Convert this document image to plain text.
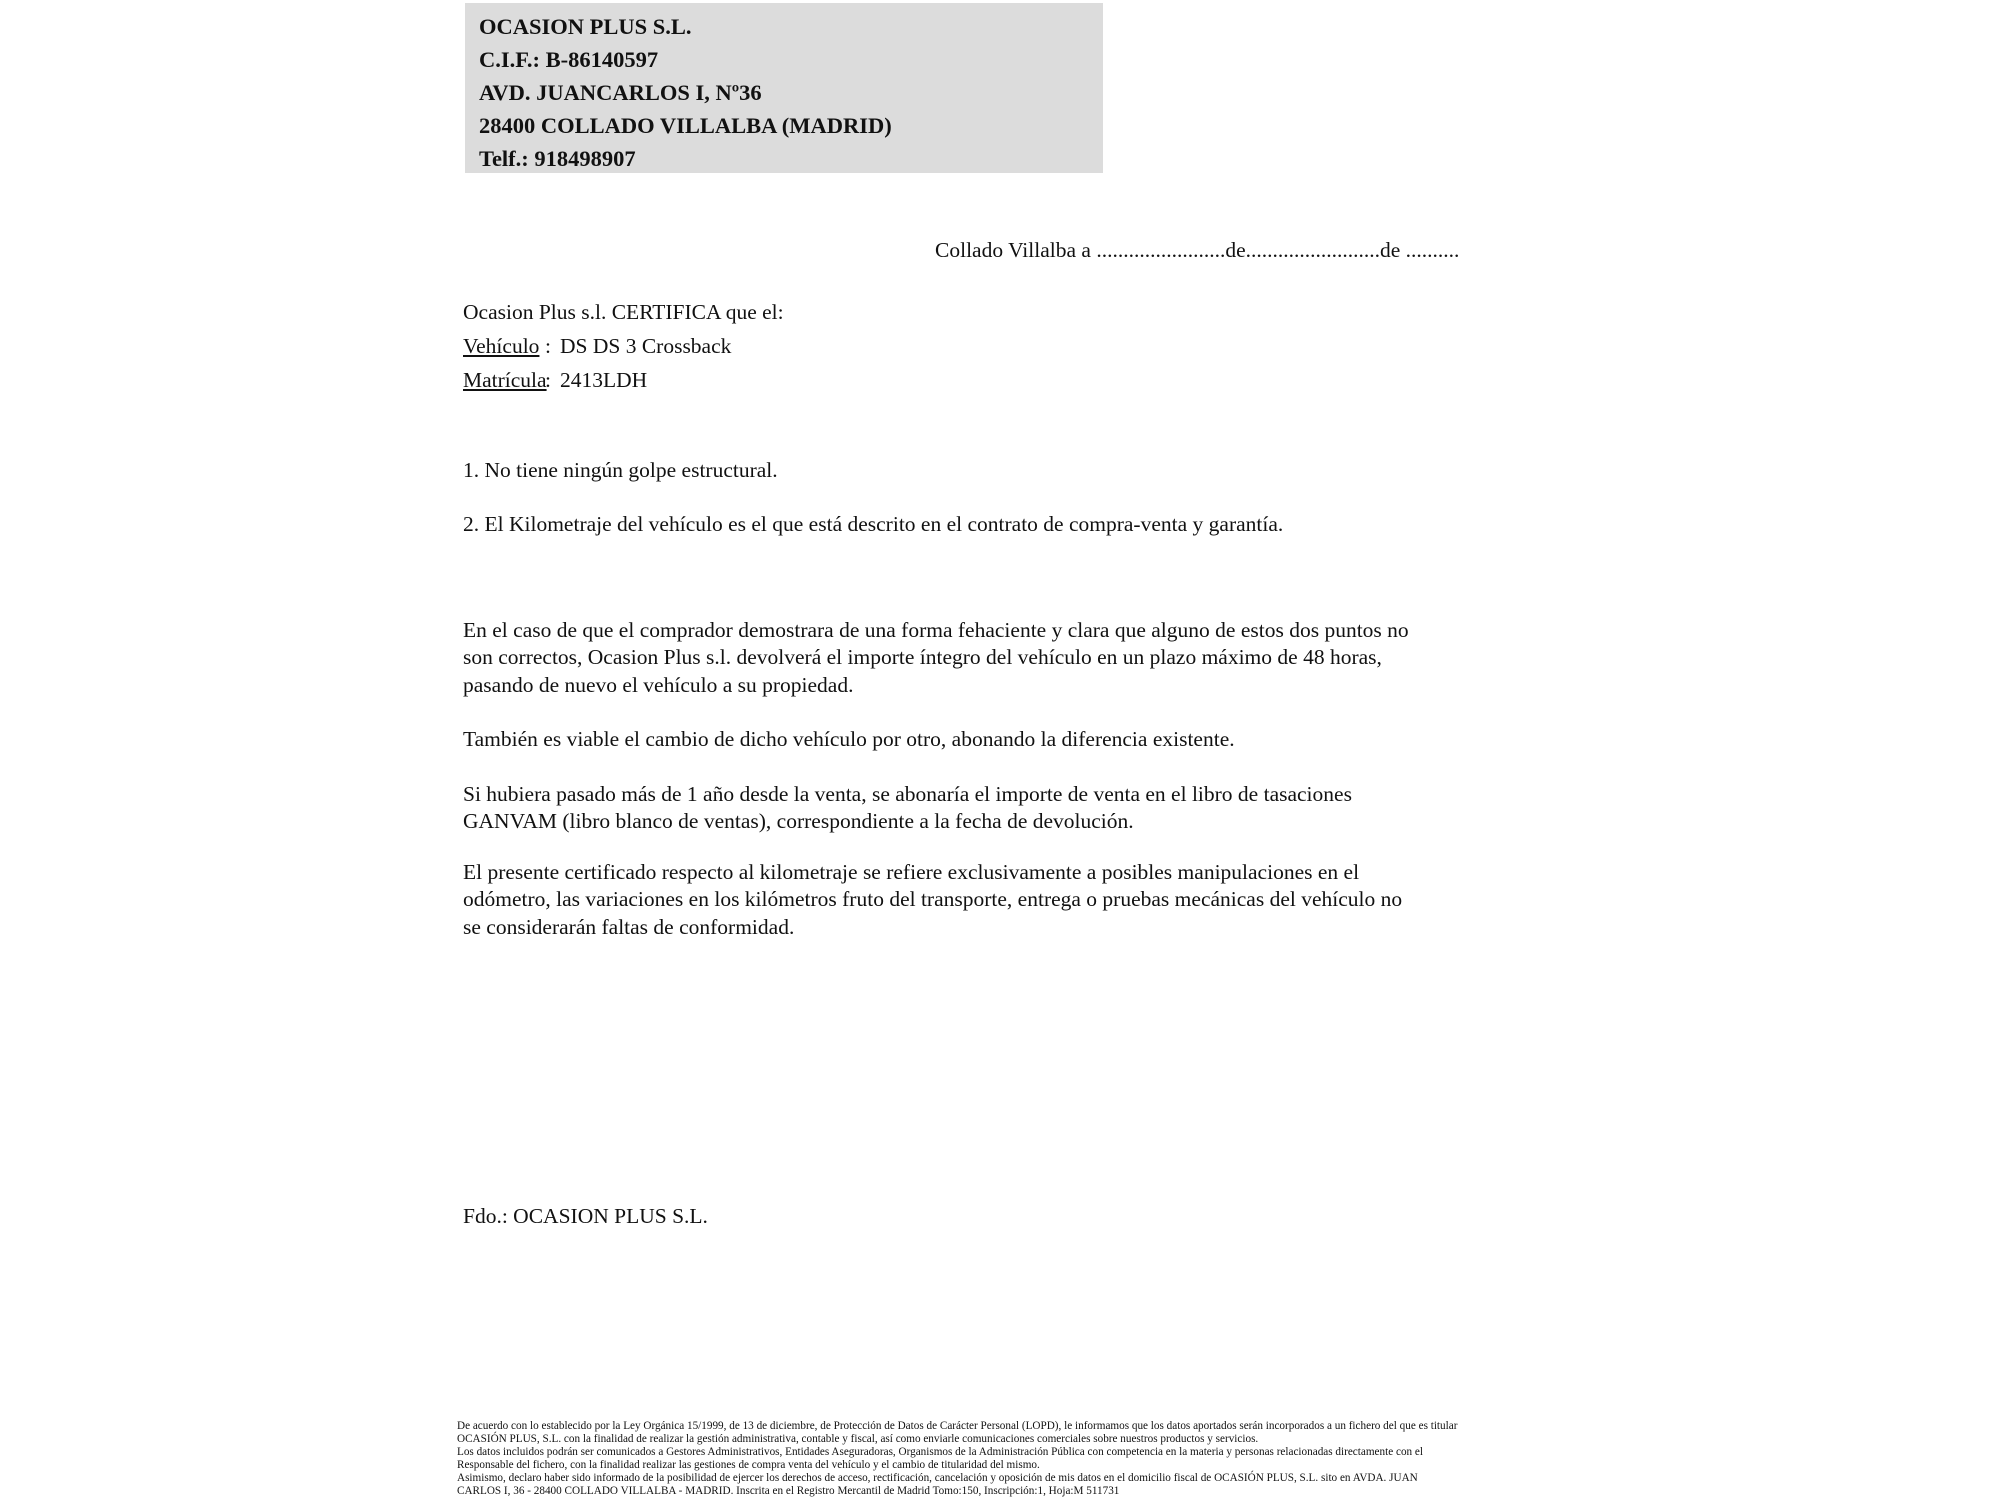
OCASION PLUS S.L.
C.I.F.: B-86140597
AVD. JUANCARLOS I, Nº36
28400 COLLADO VILLALBA (MADRID)
Telf.: 918498907
Collado Villalba a ........................de.........................de ..........
Ocasion Plus s.l. CERTIFICA que el:
Vehículo : DS DS 3 Crossback
Matrícula: 2413LDH
1. No tiene ningún golpe estructural.
2. El Kilometraje del vehículo es el que está descrito en el contrato de compra-venta y garantía.
En el caso de que el comprador demostrara de una forma fehaciente y clara que alguno de estos dos puntos no
son correctos, Ocasion Plus s.l. devolverá el importe íntegro del vehículo en un plazo máximo de 48 horas,
pasando de nuevo el vehículo a su propiedad.
También es viable el cambio de dicho vehículo por otro, abonando la diferencia existente.
Si hubiera pasado más de 1 año desde la venta, se abonaría el importe de venta en el libro de tasaciones
GANVAM (libro blanco de ventas), correspondiente a la fecha de devolución.
El presente certificado respecto al kilometraje se refiere exclusivamente a posibles manipulaciones en el
odómetro, las variaciones en los kilómetros fruto del transporte, entrega o pruebas mecánicas del vehículo no
se considerarán faltas de conformidad.
Fdo.: OCASION PLUS S.L.
De acuerdo con lo establecido por la Ley Orgánica 15/1999, de 13 de diciembre, de Protección de Datos de Carácter Personal (LOPD), le informamos que los datos aportados serán incorporados a un fichero del que es titular
OCASIÓN PLUS, S.L. con la finalidad de realizar la gestión administrativa, contable y fiscal, así como enviarle comunicaciones comerciales sobre nuestros productos y servicios.
Los datos incluidos podrán ser comunicados a Gestores Administrativos, Entidades Aseguradoras, Organismos de la Administración Pública con competencia en la materia y personas relacionadas directamente con el
Responsable del fichero, con la finalidad realizar las gestiones de compra venta del vehículo y el cambio de titularidad del mismo.
Asimismo, declaro haber sido informado de la posibilidad de ejercer los derechos de acceso, rectificación, cancelación y oposición de mis datos en el domicilio fiscal de OCASIÓN PLUS, S.L. sito en AVDA. JUAN
CARLOS I, 36 - 28400 COLLADO VILLALBA - MADRID. Inscrita en el Registro Mercantil de Madrid Tomo:150, Inscripción:1, Hoja:M 511731
